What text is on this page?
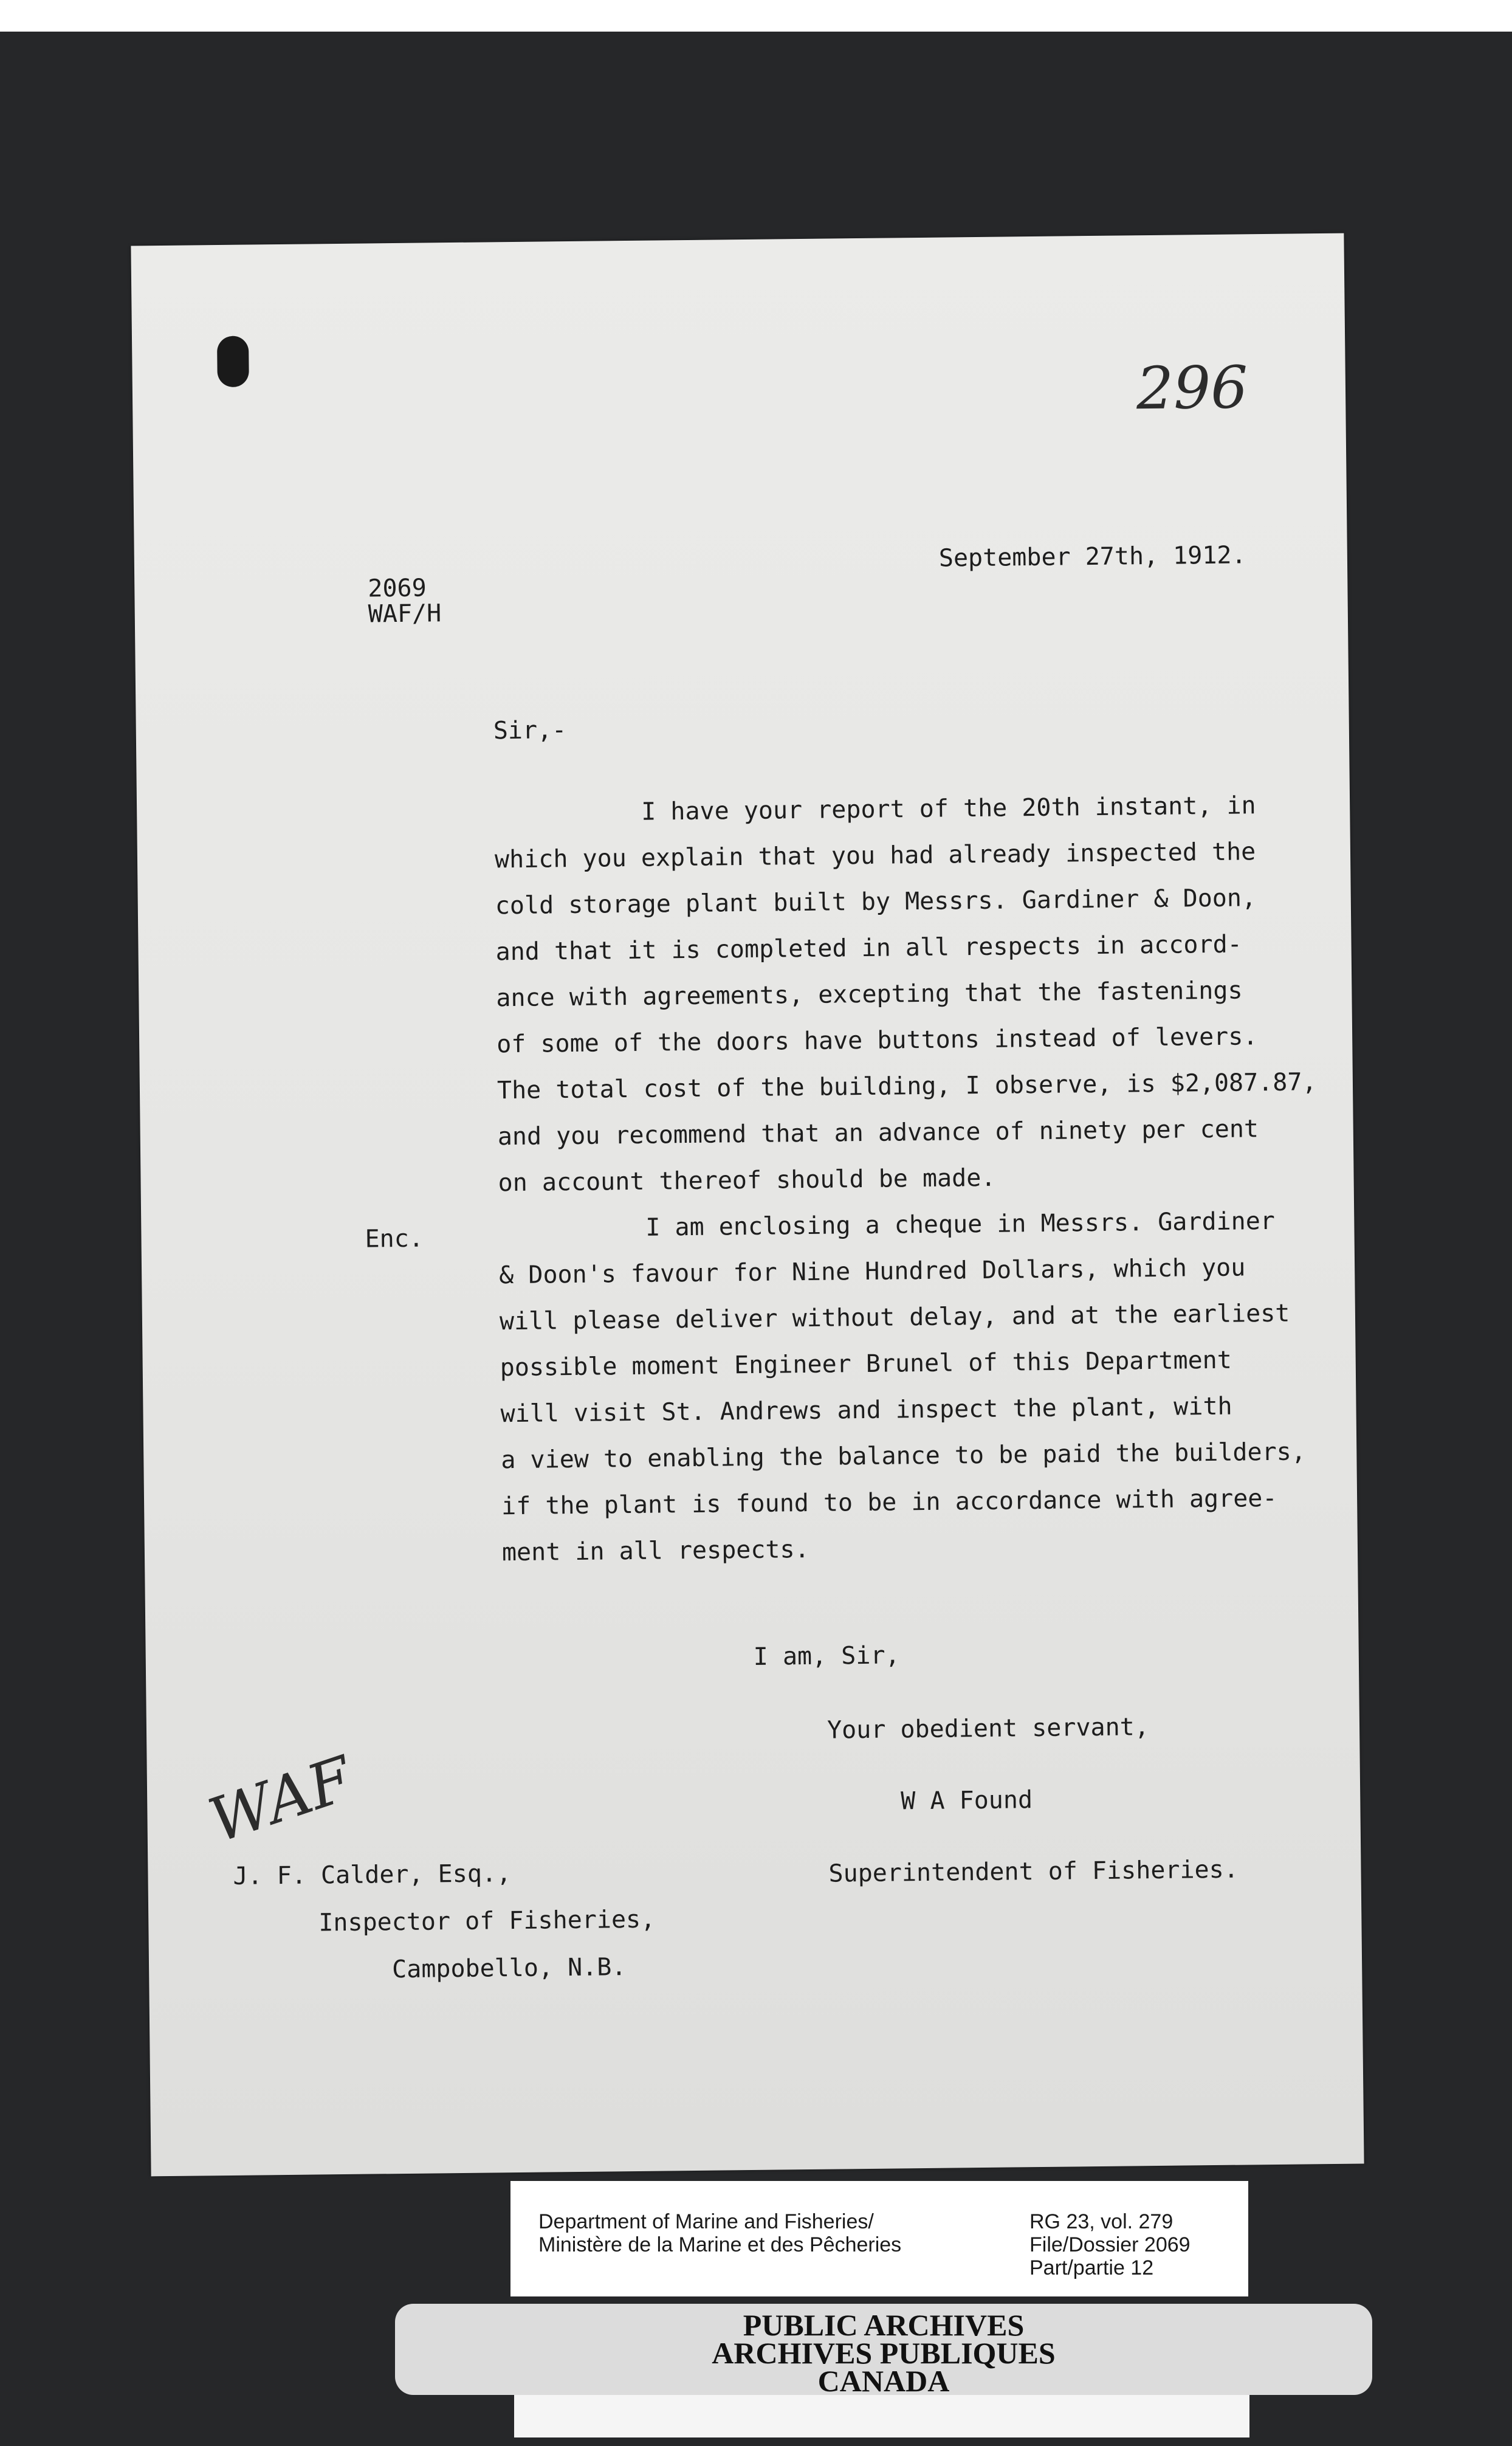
296
2069
WAF/H
September 27th, 1912.
Sir,-
I have your report of the 20th instant, in
which you explain that you had already inspected the
cold storage plant built by Messrs. Gardiner & Doon,
and that it is completed in all respects in accord-
ance with agreements, excepting that the fastenings
of some of the doors have buttons instead of levers.
The total cost of the building, I observe, is $2,087.87,
and you recommend that an advance of ninety per cent
on account thereof should be made.
Enc.	I am enclosing a cheque in Messrs. Gardiner
& Doon's favour for Nine Hundred Dollars, which you
will please deliver without delay, and at the earliest
possible moment Engineer Brunel of this Department
will visit St. Andrews and inspect the plant, with
a view to enabling the balance to be paid the builders,
if the plant is found to be in accordance with agree-
ment in all respects.
I am, Sir,
Your obedient servant,
W A Found
Superintendent of Fisheries.
WAF
J. F. Calder, Esq.,
Inspector of Fisheries,
Campobello, N.B.
Department of Marine and Fisheries/
Ministère de la Marine et des Pêcheries
RG 23, vol. 279
File/Dossier 2069
Part/partie 12
PUBLIC ARCHIVES
ARCHIVES PUBLIQUES
CANADA
